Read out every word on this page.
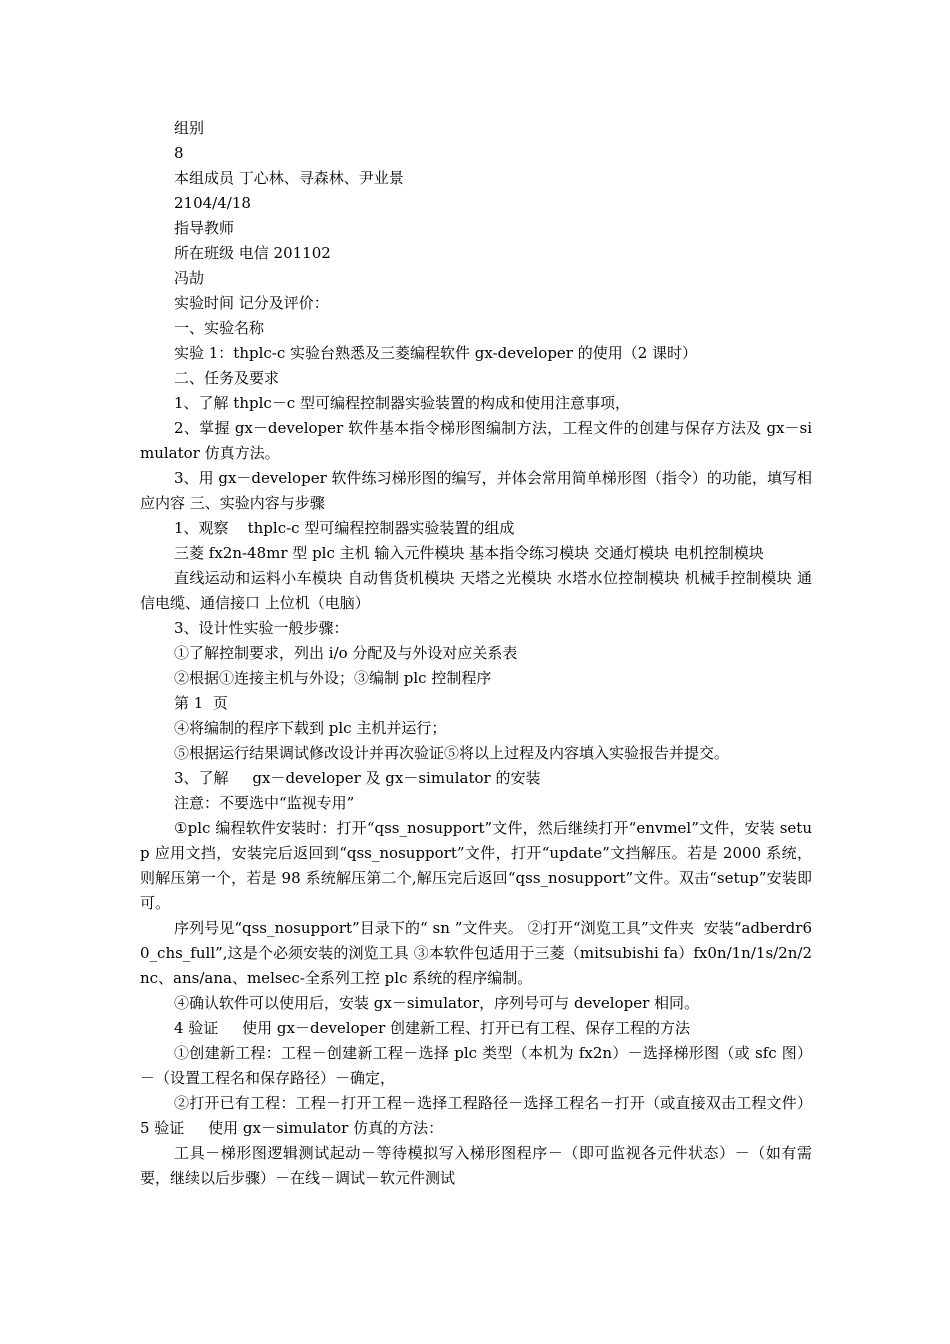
组别

8

本组成员 丁心林、寻森林、尹业景

2104/4/18

指导教师

所在班级 电信 201102

冯劼

实验时间 记分及评价：

一、实验名称

实验 1：thplc-c 实验台熟悉及三菱编程软件 gx-developer 的使用（2 课时）

二、任务及要求

1、了解 thplc－c 型可编程控制器实验装置的构成和使用注意事项，

2、掌握 gx－developer 软件基本指令梯形图编制方法，工程文件的创建与保存方法及 gx－simulator 仿真方法。

3、用 gx－developer 软件练习梯形图的编写，并体会常用简单梯形图（指令）的功能，填写相应内容 三、实验内容与步骤

1、观察    thplc-c 型可编程控制器实验装置的组成

三菱 fx2n-48mr 型 plc 主机 输入元件模块 基本指令练习模块 交通灯模块 电机控制模块

直线运动和运料小车模块 自动售货机模块 天塔之光模块 水塔水位控制模块 机械手控制模块 通信电缆、通信接口 上位机（电脑）

3、设计性实验一般步骤：

①了解控制要求，列出 i/o 分配及与外设对应关系表

②根据①连接主机与外设；③编制 plc 控制程序

第 1  页

④将编制的程序下载到 plc 主机并运行；

⑤根据运行结果调试修改设计并再次验证⑤将以上过程及内容填入实验报告并提交。

3、了解     gx－developer 及 gx－simulator 的安装

注意：不要选中“监视专用”

①plc 编程软件安装时：打开“qss_nosupport”文件，然后继续打开“envmel”文件，安装 setup 应用文挡，安装完后返回到“qss_nosupport”文件，打开“update”文挡解压。若是 2000 系统，则解压第一个，若是 98 系统解压第二个,解压完后返回“qss_nosupport”文件。双击“setup”安装即可。

序列号见“qss_nosupport”目录下的“ sn ”文件夹。 ②打开“浏览工具”文件夹  安装“adberdr60_chs_full”,这是个必须安装的浏览工具 ③本软件包适用于三菱（mitsubishi fa）fx0n/1n/1s/2n/2nc、ans/ana、melsec-全系列工控 plc 系统的程序编制。

④确认软件可以使用后，安装 gx－simulator，序列号可与 developer 相同。

4 验证     使用 gx－developer 创建新工程、打开已有工程、保存工程的方法

①创建新工程：工程－创建新工程－选择 plc 类型（本机为 fx2n）－选择梯形图（或 sfc 图）－（设置工程名和保存路径）－确定，

②打开已有工程：工程－打开工程－选择工程路径－选择工程名－打开（或直接双击工程文件） 5 验证     使用 gx－simulator 仿真的方法：

工具－梯形图逻辑测试起动－等待模拟写入梯形图程序－（即可监视各元件状态）－（如有需要，继续以后步骤）－在线－调试－软元件测试
